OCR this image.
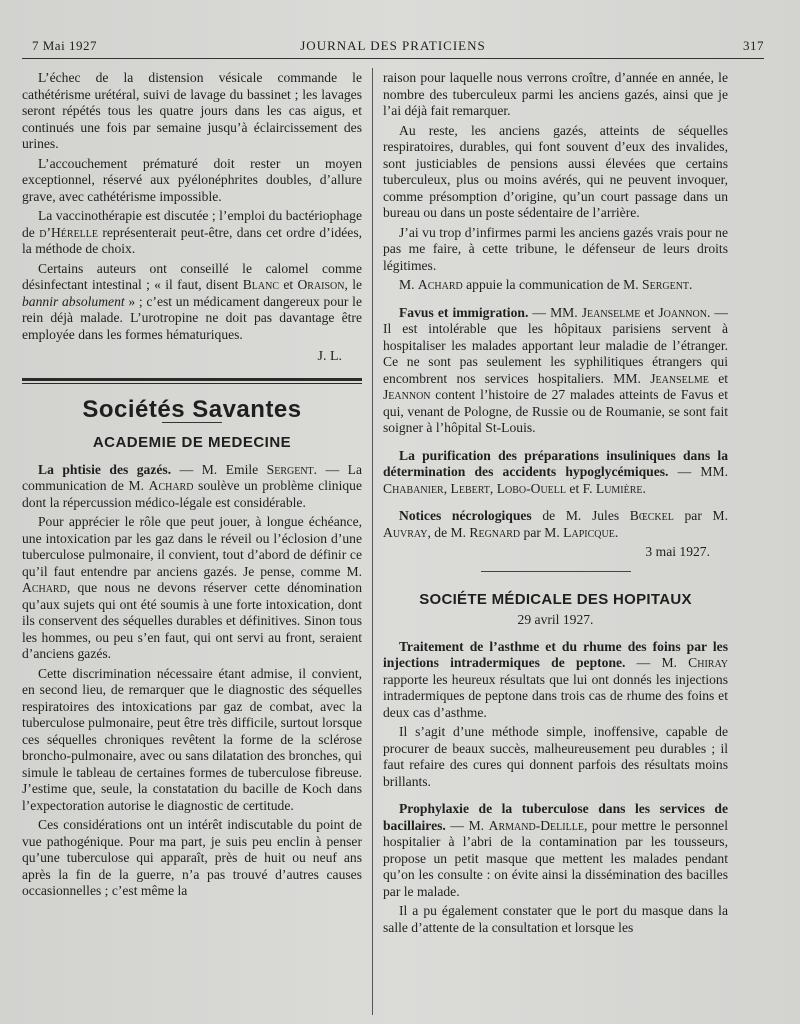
7 Mai 1927	JOURNAL DES PRATICIENS	317

L’échec de la distension vésicale commande le cathétérisme urétéral, suivi de lavage du bassinet ; les lavages seront répétés tous les quatre jours dans les cas aigus, et continués une fois par semaine jusqu’à éclaircissement des urines.

L’accouchement prématuré doit rester un moyen exceptionnel, réservé aux pyélonéphrites doubles, d’allure grave, avec cathétérisme impossible.

La vaccinothérapie est discutée ; l’emploi du bactériophage de d’Hérelle représenterait peut-être, dans cet ordre d’idées, la méthode de choix.

Certains auteurs ont conseillé le calomel comme désinfectant intestinal ; « il faut, disent Blanc et Oraison, le bannir absolument » ; c’est un médicament dangereux pour le rein déjà malade. L’urotropine ne doit pas davantage être employée dans les formes hématuriques.

J. L.

Sociétés Savantes
ACADEMIE DE MEDECINE

La phtisie des gazés. — M. Emile Sergent. — La communication de M. Achard soulève un problème clinique dont la répercussion médico-légale est considérable.

Pour apprécier le rôle que peut jouer, à longue échéance, une intoxication par les gaz dans le réveil ou l’éclosion d’une tuberculose pulmonaire, il convient, tout d’abord de définir ce qu’il faut entendre par anciens gazés. Je pense, comme M. Achard, que nous ne devons réserver cette dénomination qu’aux sujets qui ont été soumis à une forte intoxication, dont ils conservent des séquelles durables et définitives. Sinon tous les hommes, ou peu s’en faut, qui ont servi au front, seraient d’anciens gazés.

Cette discrimination nécessaire étant admise, il convient, en second lieu, de remarquer que le diagnostic des séquelles respiratoires des intoxications par gaz de combat, avec la tuberculose pulmonaire, peut être très difficile, surtout lorsque ces séquelles chroniques revêtent la forme de la sclérose broncho-pulmonaire, avec ou sans dilatation des bronches, qui simule le tableau de certaines formes de tuberculose fibreuse. J’estime que, seule, la constatation du bacille de Koch dans l’expectoration autorise le diagnostic de certitude.

Ces considérations ont un intérêt indiscutable du point de vue pathogénique. Pour ma part, je suis peu enclin à penser qu’une tuberculose qui apparaît, près de huit ou neuf ans après la fin de la guerre, n’a pas trouvé d’autres causes occasionnelles ; c’est même la

raison pour laquelle nous verrons croître, d’année en année, le nombre des tuberculeux parmi les anciens gazés, ainsi que je l’ai déjà fait remarquer.

Au reste, les anciens gazés, atteints de séquelles respiratoires, durables, qui font souvent d’eux des invalides, sont justiciables de pensions aussi élevées que certains tuberculeux, plus ou moins avérés, qui ne peuvent invoquer, comme présomption d’origine, qu’un court passage dans un bureau ou dans un poste sédentaire de l’arrière.

J’ai vu trop d’infirmes parmi les anciens gazés vrais pour ne pas me faire, à cette tribune, le défenseur de leurs droits légitimes.

M. Achard appuie la communication de M. Sergent.

Favus et immigration. — MM. Jeanselme et Joannon. — Il est intolérable que les hôpitaux parisiens servent à hospitaliser les malades apportant leur maladie de l’étranger. Ce ne sont pas seulement les syphilitiques étrangers qui encombrent nos services hospitaliers. MM. Jeanselme et Jeannon content l’histoire de 27 malades atteints de Favus et qui, venant de Pologne, de Russie ou de Roumanie, se sont fait soigner à l’hôpital St-Louis.

La purification des préparations insuliniques dans la détermination des accidents hypoglycémiques. — MM. Chabanier, Lebert, Lobo-Ouell et F. Lumière.

Notices nécrologiques de M. Jules Bœckel par M. Auvray, de M. Regnard par M. Lapicque.

3 mai 1927.

SOCIÉTE MÉDICALE DES HOPITAUX

29 avril 1927.

Traitement de l’asthme et du rhume des foins par les injections intradermiques de peptone. — M. Chiray rapporte les heureux résultats que lui ont donnés les injections intradermiques de peptone dans trois cas de rhume des foins et deux cas d’asthme.

Il s’agit d’une méthode simple, inoffensive, capable de procurer de beaux succès, malheureusement peu durables ; il faut refaire des cures qui donnent parfois des résultats moins brillants.

Prophylaxie de la tuberculose dans les services de bacillaires. — M. Armand-Delille, pour mettre le personnel hospitalier à l’abri de la contamination par les tousseurs, propose un petit masque que mettent les malades pendant qu’on les consulte : on évite ainsi la dissémination des bacilles par le malade.

Il a pu également constater que le port du masque dans la salle d’attente de la consultation et lorsque les
